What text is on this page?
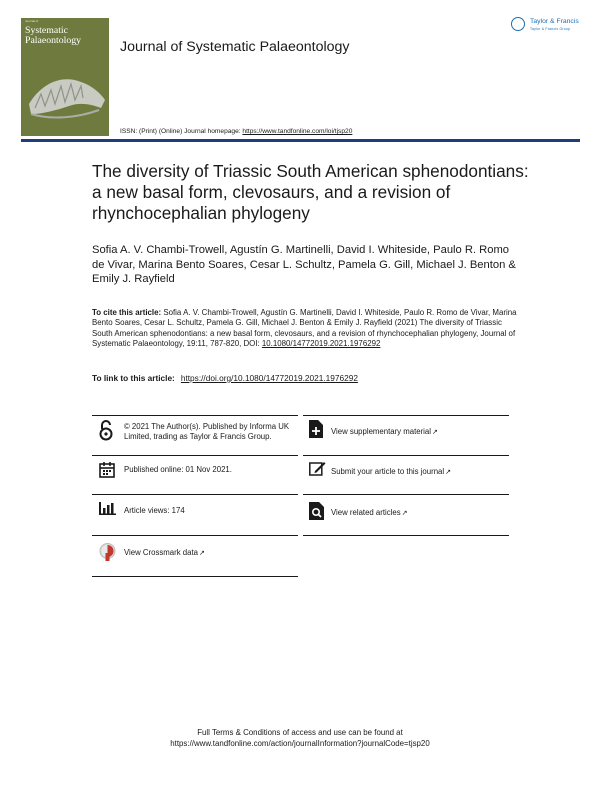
Journal of
Systematic Palaeontology	Journal of Systematic Palaeontology
ISSN: (Print) (Online) Journal homepage: https://www.tandfonline.com/loi/tjsp20
Taylor & Francis
Taylor & Francis Group
The diversity of Triassic South American sphenodontians: a new basal form, clevosaurs, and a revision of rhynchocephalian phylogeny
Sofia A. V. Chambi-Trowell, Agustín G. Martinelli, David I. Whiteside, Paulo R. Romo de Vivar, Marina Bento Soares, Cesar L. Schultz, Pamela G. Gill, Michael J. Benton & Emily J. Rayfield
To cite this article: Sofia A. V. Chambi-Trowell, Agustín G. Martinelli, David I. Whiteside, Paulo R. Romo de Vivar, Marina Bento Soares, Cesar L. Schultz, Pamela G. Gill, Michael J. Benton & Emily J. Rayfield (2021) The diversity of Triassic South American sphenodontians: a new basal form, clevosaurs, and a revision of rhynchocephalian phylogeny, Journal of Systematic Palaeontology, 19:11, 787-820, DOI: 10.1080/14772019.2021.1976292
To link to this article: https://doi.org/10.1080/14772019.2021.1976292
© 2021 The Author(s). Published by Informa UK Limited, trading as Taylor & Francis Group.
Published online: 01 Nov 2021.
Article views: 174
View Crossmark data↗
View supplementary material↗
Submit your article to this journal↗
View related articles↗
Full Terms & Conditions of access and use can be found at
https://www.tandfonline.com/action/journalInformation?journalCode=tjsp20
